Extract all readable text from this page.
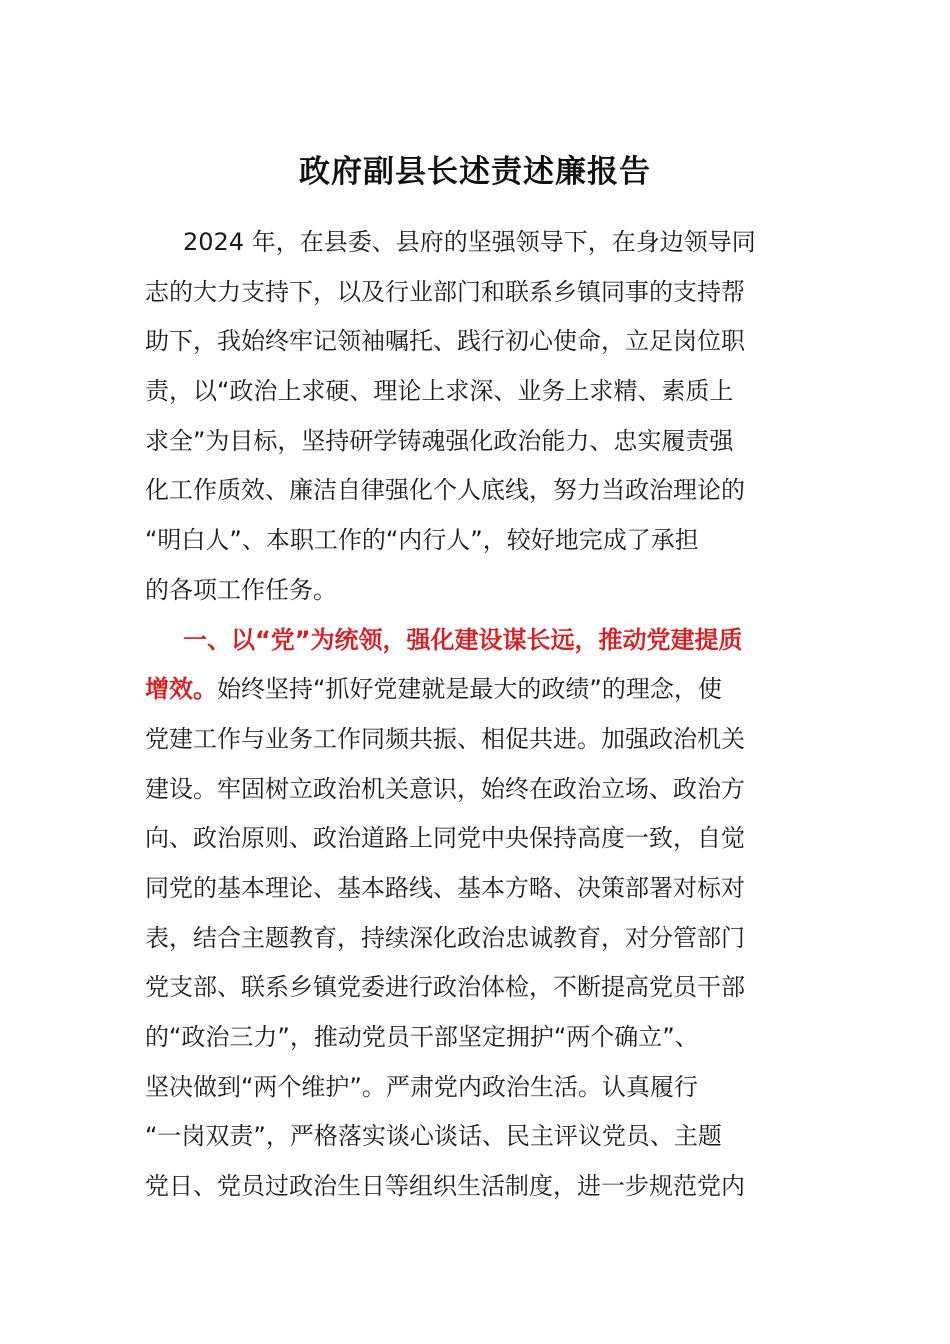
政府副县长述责述廉报告
2024 年，在县委、县府的坚强领导下，在身边领导同
志的大力支持下，以及行业部门和联系乡镇同事的支持帮
助下，我始终牢记领袖嘱托、践行初心使命，立足岗位职
责，以“政治上求硬、理论上求深、业务上求精、素质上
求全”为目标，坚持研学铸魂强化政治能力、忠实履责强
化工作质效、廉洁自律强化个人底线，努力当政治理论的
“明白人”、本职工作的“内行人”，较好地完成了承担
的各项工作任务。
一、以“党”为统领，强化建设谋长远，推动党建提质
增效。始终坚持“抓好党建就是最大的政绩”的理念，使
党建工作与业务工作同频共振、相促共进。加强政治机关
建设。牢固树立政治机关意识，始终在政治立场、政治方
向、政治原则、政治道路上同党中央保持高度一致，自觉
同党的基本理论、基本路线、基本方略、决策部署对标对
表，结合主题教育，持续深化政治忠诚教育，对分管部门
党支部、联系乡镇党委进行政治体检，不断提高党员干部
的“政治三力”，推动党员干部坚定拥护“两个确立”、
坚决做到“两个维护”。严肃党内政治生活。认真履行
“一岗双责”，严格落实谈心谈话、民主评议党员、主题
党日、党员过政治生日等组织生活制度，进一步规范党内
